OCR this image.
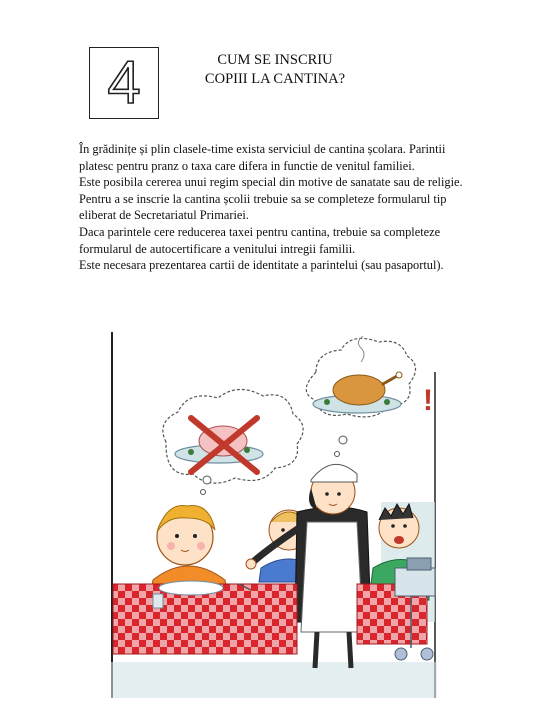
4	CUM SE INSCRIU
COPIII LA CANTINA?

În grădinițe și plin clasele-time exista serviciul de cantina școlara. Parintii platesc pentru pranz o taxa care difera in functie de venitul familiei.

Este posibila cererea unui regim special din motive de sanatate sau de religie.

Pentru a se inscrie la cantina școlii trebuie sa se completeze formularul tip eliberat de Secretariatul Primariei.

Daca parintele cere reducerea taxei pentru cantina, trebuie sa completeze formularul de autocertificare a venitului intregii familii.

Este necesara prezentarea cartii de identitate a parintelui (sau pasaportul).

!
